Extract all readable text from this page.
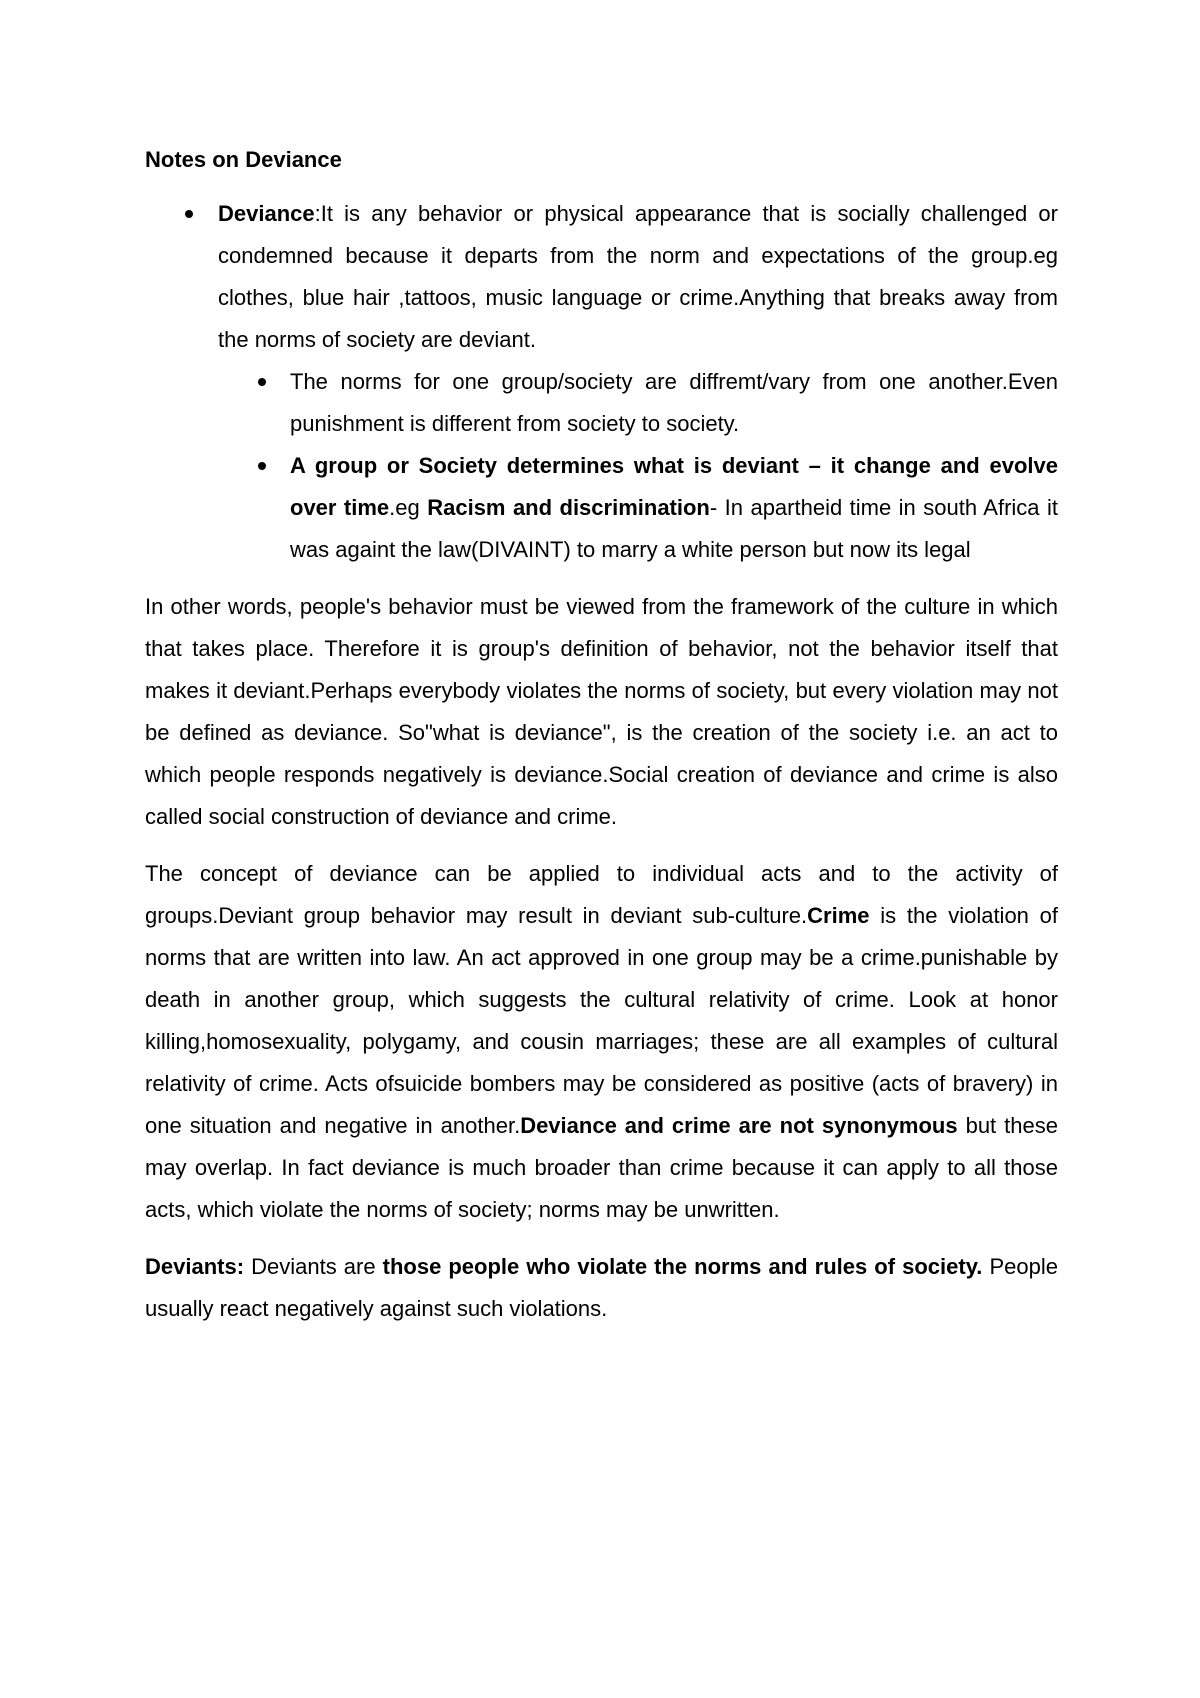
Notes on Deviance
Deviance:It is any behavior or physical appearance that is socially challenged or condemned because it departs from the norm and expectations of the group.eg clothes, blue hair ,tattoos, music language or crime.Anything that breaks away from the norms of society are deviant.
The norms for one group/society are diffremt/vary from one another.Even punishment is different from society to society.
A group or Society determines what is deviant – it change and evolve over time.eg Racism and discrimination- In apartheid time in south Africa it was againt the law(DIVAINT) to marry a white person but now its legal

In other words, people's behavior must be viewed from the framework of the culture in which that takes place. Therefore it is group's definition of behavior, not the behavior itself that makes it deviant.Perhaps everybody violates the norms of society, but every violation may not be defined as deviance. So"what is deviance", is the creation of the society i.e. an act to which people responds negatively is deviance.Social creation of deviance and crime is also called social construction of deviance and crime.

The concept of deviance can be applied to individual acts and to the activity of groups.Deviant group behavior may result in deviant sub-culture.Crime is the violation of norms that are written into law. An act approved in one group may be a crime.punishable by death in another group, which suggests the cultural relativity of crime. Look at honor killing,homosexuality, polygamy, and cousin marriages; these are all examples of cultural relativity of crime. Acts ofsuicide bombers may be considered as positive (acts of bravery) in one situation and negative in another.Deviance and crime are not synonymous but these may overlap. In fact deviance is much broader than crime because it can apply to all those acts, which violate the norms of society; norms may be unwritten.

Deviants: Deviants are those people who violate the norms and rules of society. People usually react negatively against such violations.
